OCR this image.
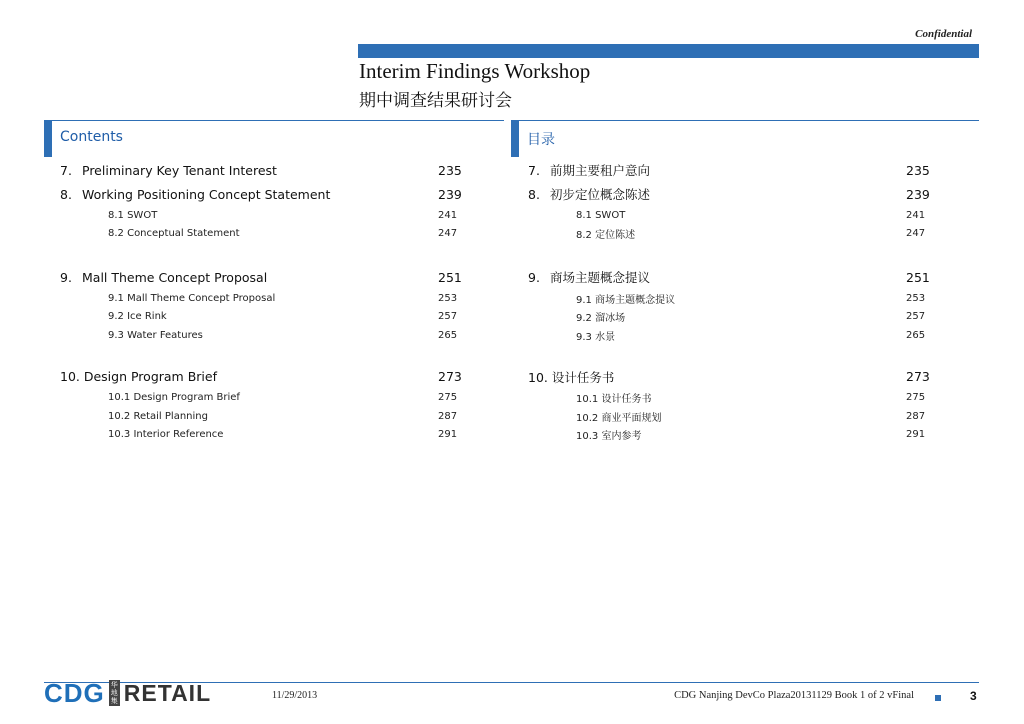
Confidential
Interim Findings Workshop
期中调查结果研讨会
Contents	目录
7. Preliminary Key Tenant Interest	235
8. Working Positioning Concept Statement	239
8.1 SWOT	241
8.2 Conceptual Statement	247
9. Mall Theme Concept Proposal	251
9.1 Mall Theme Concept Proposal	253
9.2 Ice Rink	257
9.3 Water Features	265
10. Design Program Brief	273
10.1 Design Program Brief	275
10.2 Retail Planning	287
10.3 Interior Reference	291
7. 前期主要租户意向	235
8. 初步定位概念陈述	239
8.1 SWOT	241
8.2 定位陈述	247
9. 商场主题概念提议	251
9.1 商场主题概念提议	253
9.2 溜冰场	257
9.3 水景	265
10. 设计任务书	273
10.1 设计任务书	275
10.2 商业平面规划	287
10.3 室内参考	291
CDG 华
地
集 RETAIL	11/29/2013	CDG Nanjing DevCo Plaza20131129 Book 1 of 2 vFinal	3
